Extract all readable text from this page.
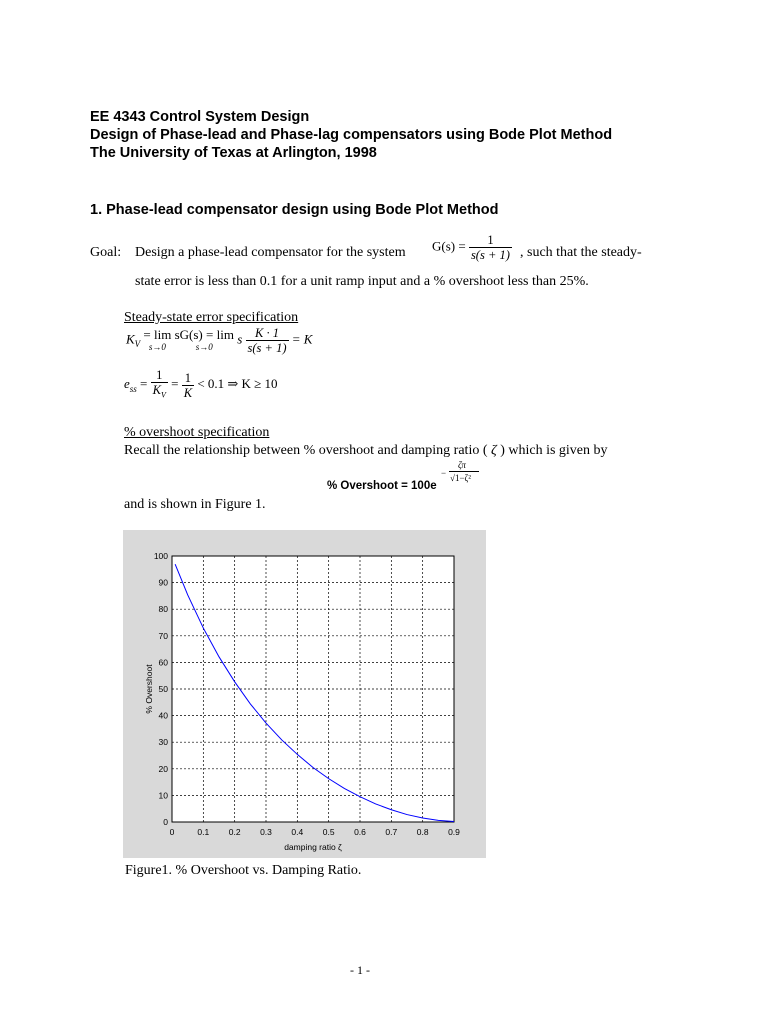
EE 4343 Control System Design
Design of Phase-lead and Phase-lag compensators using Bode Plot Method
The University of Texas at Arlington, 1998
1. Phase-lead compensator design using Bode Plot Method
Goal: Design a phase-lead compensator for the system $G(s) = \frac{1}{s(s + 1)}$ , such that the steady-
state error is less than 0.1 for a unit ramp input and a % overshoot less than 25%.
Steady-state error specification
$K_V = \lim$
s→0
sG(s) = lim
s→0
s $\frac{K \cdot 1}{s(s + 1)} = K$
$e_{ss} = \frac{1}{K_V} = \frac{1}{K} < 0.1$ ⇒ K ≥ 10
% overshoot specification
Recall the relationship between % overshoot and damping ratio ( ζ ) which is given by
% Overshoot = 100e
−
ζπ
√1−ζ²
and is shown in Figure 1.
0	0.1 0.2 0.3 0.4 0.5 0.6 0.7 0.8 0.9
0
10
20
30
40
50
60
70
80
90
100
damping ratio ζ
% Overshoot
Figure1. % Overshoot vs. Damping Ratio.
- 1 -
